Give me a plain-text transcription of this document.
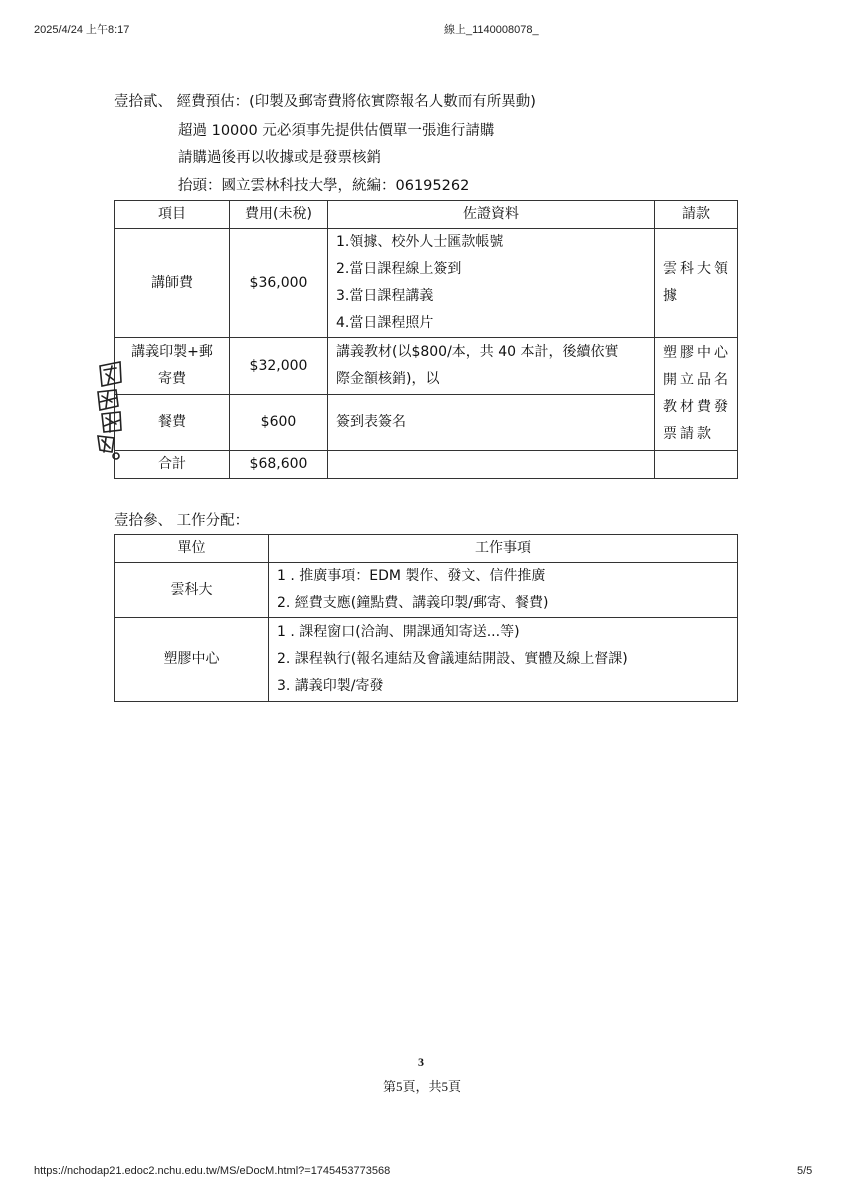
2025/4/24 上午8:17	線上_1140008078_
壹拾貳、 經費預估：(印製及郵寄費將依實際報名人數而有所異動)
超過 10000 元必須事先提供估價單一張進行請購
請購過後再以收據或是發票核銷
抬頭：國立雲林科技大學，統編：06195262
項目	費用(未稅)	佐證資料	請款
講師費	$36,000	1.領據、校外人士匯款帳號
2.當日課程線上簽到
3.當日課程講義
4.當日課程照片	雲科大領
據

講義印製+郵
寄費	$32,000	講義教材(以$800/本，共 40 本計，後續依實
際金額核銷)，以	塑膠中心
開立品名
教材費發
票請款

餐費	$600	簽到表簽名	
合計	$68,600		
壹拾參、 工作分配：
單位	工作事項
雲科大	1 . 推廣事項：EDM 製作、發文、信件推廣
2. 經費支應(鐘點費、講義印製/郵寄、餐費)

塑膠中心	1 . 課程窗口(洽詢、開課通知寄送...等)
2. 課程執行(報名連結及會議連結開設、實體及線上督課)
3. 講義印製/寄發
3
第5頁，共5頁
https://nchodap21.edoc2.nchu.edu.tw/MS/eDocM.html?=1745453773568	5/5
